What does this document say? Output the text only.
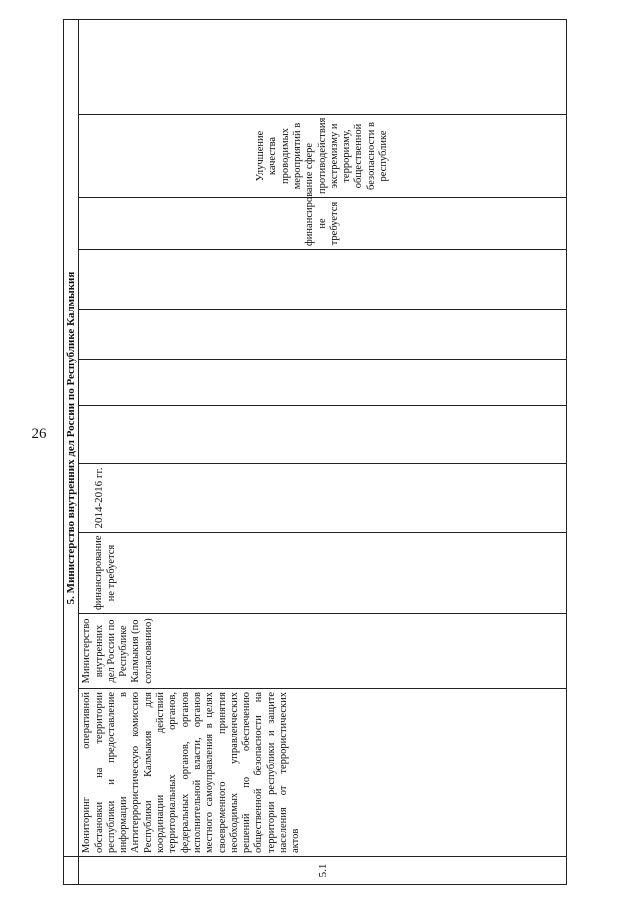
26
	5. Министерство внутренних дел России по Республике Калмыкия										
5.1	Мониторинг оперативной обстановки на территории республики и предоставление информации в Антитеррористическую комиссию Республики Калмыкия для координации действий территориальных органов, федеральных органов, органов исполнительной власти, органов местного самоуправления в целях своевременного принятия необходимых управленческих решений по обеспечению общественной безопасности на территории республики и защите населения от террористических актов	Министерство внутренних дел России по Республике Калмыкия (по согласованию)	финансирование не требуется	2014-2016 гг.					финансирование не требуется	Улучшение качества проводимых мероприятий в сфере противодействия экстремизму и терроризму, общественной безопасности в республике	
